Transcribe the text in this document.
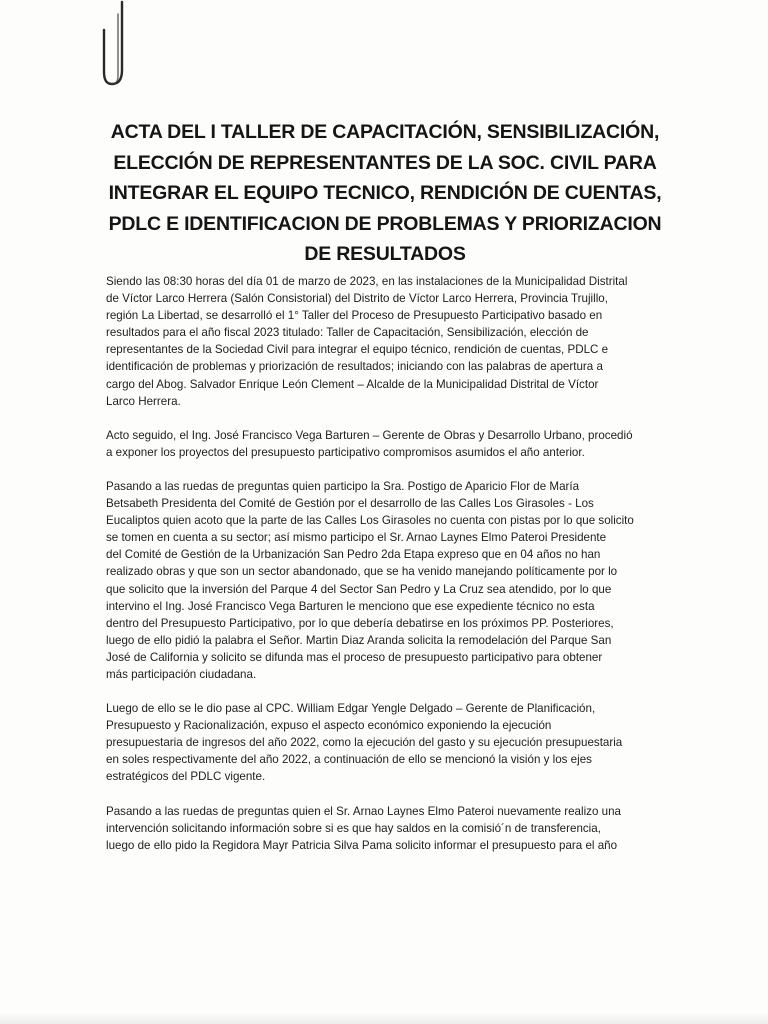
ACTA DEL I TALLER DE CAPACITACIÓN, SENSIBILIZACIÓN,
ELECCIÓN DE REPRESENTANTES DE LA SOC. CIVIL PARA
INTEGRAR EL EQUIPO TECNICO, RENDICIÓN DE CUENTAS,
PDLC E IDENTIFICACION DE PROBLEMAS Y PRIORIZACION
DE RESULTADOS

Siendo las 08:30 horas del día 01 de marzo de 2023, en las instalaciones de la Municipalidad Distrital
de Víctor Larco Herrera (Salón Consistorial) del Distrito de Víctor Larco Herrera, Provincia Trujillo,
región La Libertad, se desarrolló el 1° Taller del Proceso de Presupuesto Participativo basado en
resultados para el año fiscal 2023 titulado: Taller de Capacitación, Sensibilización, elección de
representantes de la Sociedad Civil para integrar el equipo técnico, rendición de cuentas, PDLC e
identificación de problemas y priorización de resultados; iniciando con las palabras de apertura a
cargo del Abog. Salvador Enrique León Clement – Alcalde de la Municipalidad Distrital de Víctor
Larco Herrera.

Acto seguido, el Ing. José Francisco Vega Barturen – Gerente de Obras y Desarrollo Urbano, procedió
a exponer los proyectos del presupuesto participativo compromisos asumidos el año anterior.

Pasando a las ruedas de preguntas quien participo la Sra. Postigo de Aparicio Flor de María
Betsabeth Presidenta del Comité de Gestión por el desarrollo de las Calles Los Girasoles - Los
Eucaliptos quien acoto que la parte de las Calles Los Girasoles no cuenta con pistas por lo que solicito
se tomen en cuenta a su sector; así mismo participo el Sr. Arnao Laynes Elmo Pateroi Presidente
del Comité de Gestión de la Urbanización San Pedro 2da Etapa expreso que en 04 años no han
realizado obras y que son un sector abandonado, que se ha venido manejando políticamente por lo
que solicito que la inversión del Parque 4 del Sector San Pedro y La Cruz sea atendido, por lo que
intervino el Ing. José Francisco Vega Barturen le menciono que ese expediente técnico no esta
dentro del Presupuesto Participativo, por lo que debería debatirse en los próximos PP. Posteriores,
luego de ello pidió la palabra el Señor. Martin Diaz Aranda solicita la remodelación del Parque San
José de California y solicito se difunda mas el proceso de presupuesto participativo para obtener
más participación ciudadana.

Luego de ello se le dio pase al CPC. William Edgar Yengle Delgado – Gerente de Planificación,
Presupuesto y Racionalización, expuso el aspecto económico exponiendo la ejecución
presupuestaria de ingresos del año 2022, como la ejecución del gasto y su ejecución presupuestaria
en soles respectivamente del año 2022, a continuación de ello se mencionó la visión y los ejes
estratégicos del PDLC vigente.

Pasando a las ruedas de preguntas quien el Sr. Arnao Laynes Elmo Pateroi nuevamente realizo una
intervención solicitando información sobre si es que hay saldos en la comisió´n de transferencia,
luego de ello pido la Regidora Mayr Patricia Silva Pama solicito informar el presupuesto para el año
